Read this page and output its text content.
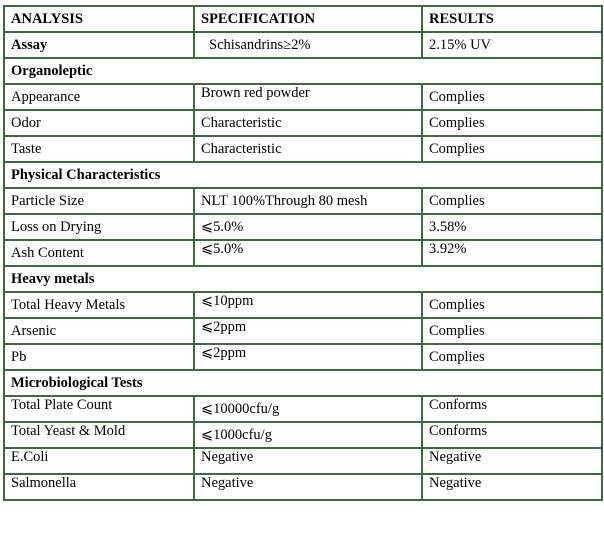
ANALYSIS	SPECIFICATION	RESULTS
Assay	Schisandrins≥2%	2.15% UV
Organoleptic		
Appearance	Brown red powder	Complies
Odor	Characteristic	Complies
Taste	Characteristic	Complies
Physical Characteristics		
Particle Size	NLT 100%Through 80 mesh	Complies
Loss on Drying	⩽5.0%	3.58%
Ash Content	⩽5.0%	3.92%
Heavy metals		
Total Heavy Metals	⩽10ppm	Complies
Arsenic	⩽2ppm	Complies
Pb	⩽2ppm	Complies
Microbiological Tests		
Total Plate Count	⩽10000cfu/g	Conforms
Total Yeast & Mold	⩽1000cfu/g	Conforms
E.Coli	Negative	Negative
Salmonella	Negative	Negative
